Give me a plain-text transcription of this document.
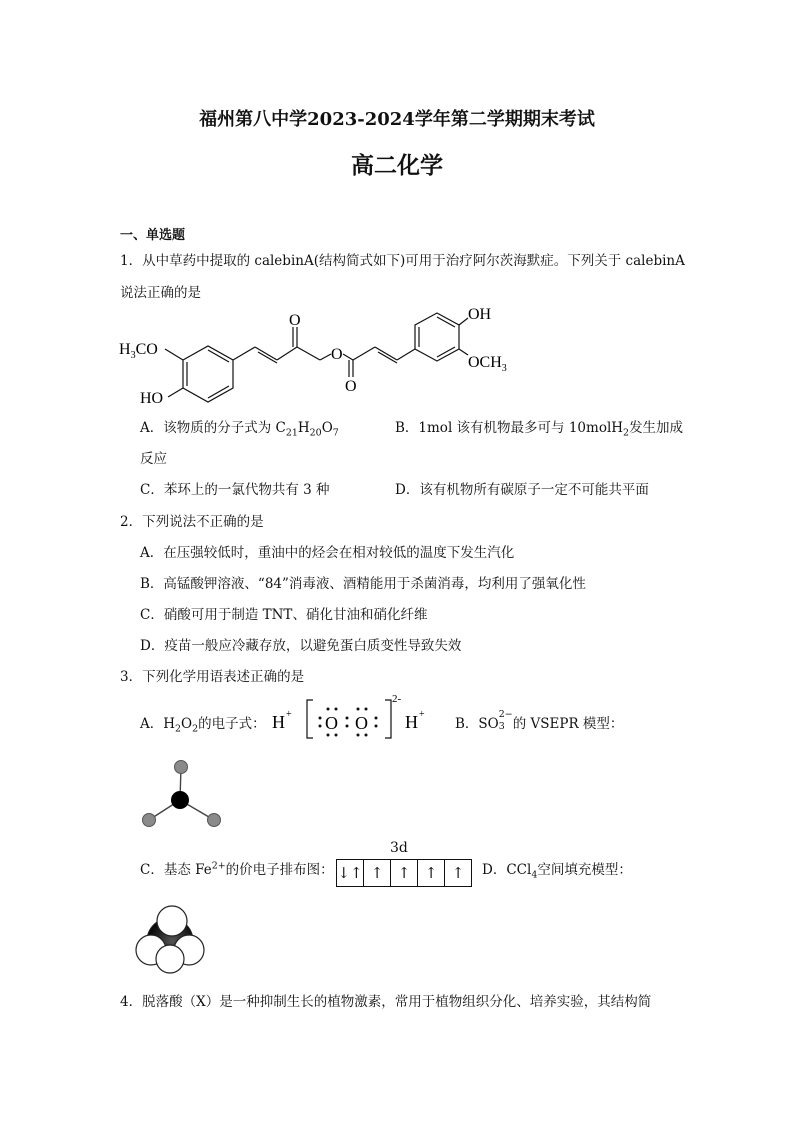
福州第八中学2023-2024学年第二学期期末考试
高二化学
一、单选题
1．从中草药中提取的 calebinA(结构简式如下)可用于治疗阿尔茨海默症。下列关于 calebinA
说法正确的是
$H_3CO$
HO
O
O
O
OH
$OCH_3$
A．该物质的分子式为 $C_{21}H_{20}O_7$	B．1mol 该有机物最多可与 10molH$_2$发生加成
反应
C．苯环上的一氯代物共有 3 种	D．该有机物所有碳原子一定不可能共平面
2．下列说法不正确的是
A．在压强较低时，重油中的烃会在相对较低的温度下发生汽化
B．高锰酸钾溶液、“84”消毒液、酒精能用于杀菌消毒，均利用了强氧化性
C．硝酸可用于制造 TNT、硝化甘油和硝化纤维
D．疫苗一般应冷藏存放，以避免蛋白质变性导致失效
3．下列化学用语表述正确的是
A．$H_2O_2$的电子式： H + O O
2-
H +
B．SO
2−
3 的 VSEPR 模型：
C．基态 $Fe^{2+}$的价电子排布图：
3d
↓↑ ↑ ↑ ↑ ↑	D．CCl$_4$空间填充模型：
4．脱落酸（X）是一种抑制生长的植物激素，常用于植物组织分化、培养实验，其结构简
